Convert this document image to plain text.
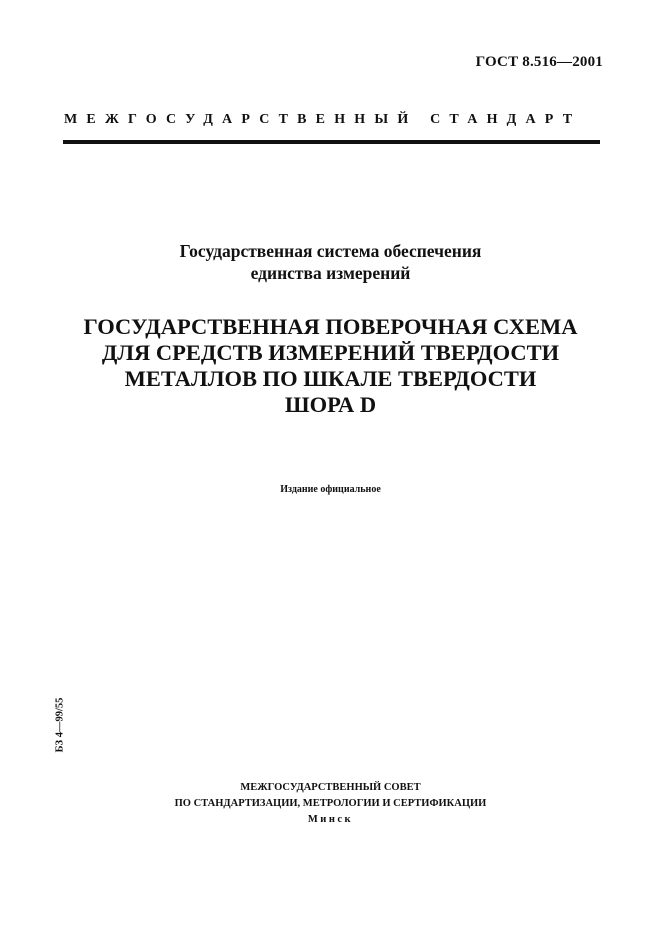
ГОСТ 8.516—2001
МЕЖГОСУДАРСТВЕННЫЙ СТАНДАРТ
Государственная система обеспечения
единства измерений
ГОСУДАРСТВЕННАЯ ПОВЕРОЧНАЯ СХЕМА
ДЛЯ СРЕДСТВ ИЗМЕРЕНИЙ ТВЕРДОСТИ
МЕТАЛЛОВ ПО ШКАЛЕ ТВЕРДОСТИ
ШОРА D
Издание официальное
БЗ 4—99/55
МЕЖГОСУДАРСТВЕННЫЙ СОВЕТ
ПО СТАНДАРТИЗАЦИИ, МЕТРОЛОГИИ И СЕРТИФИКАЦИИ
Минск
